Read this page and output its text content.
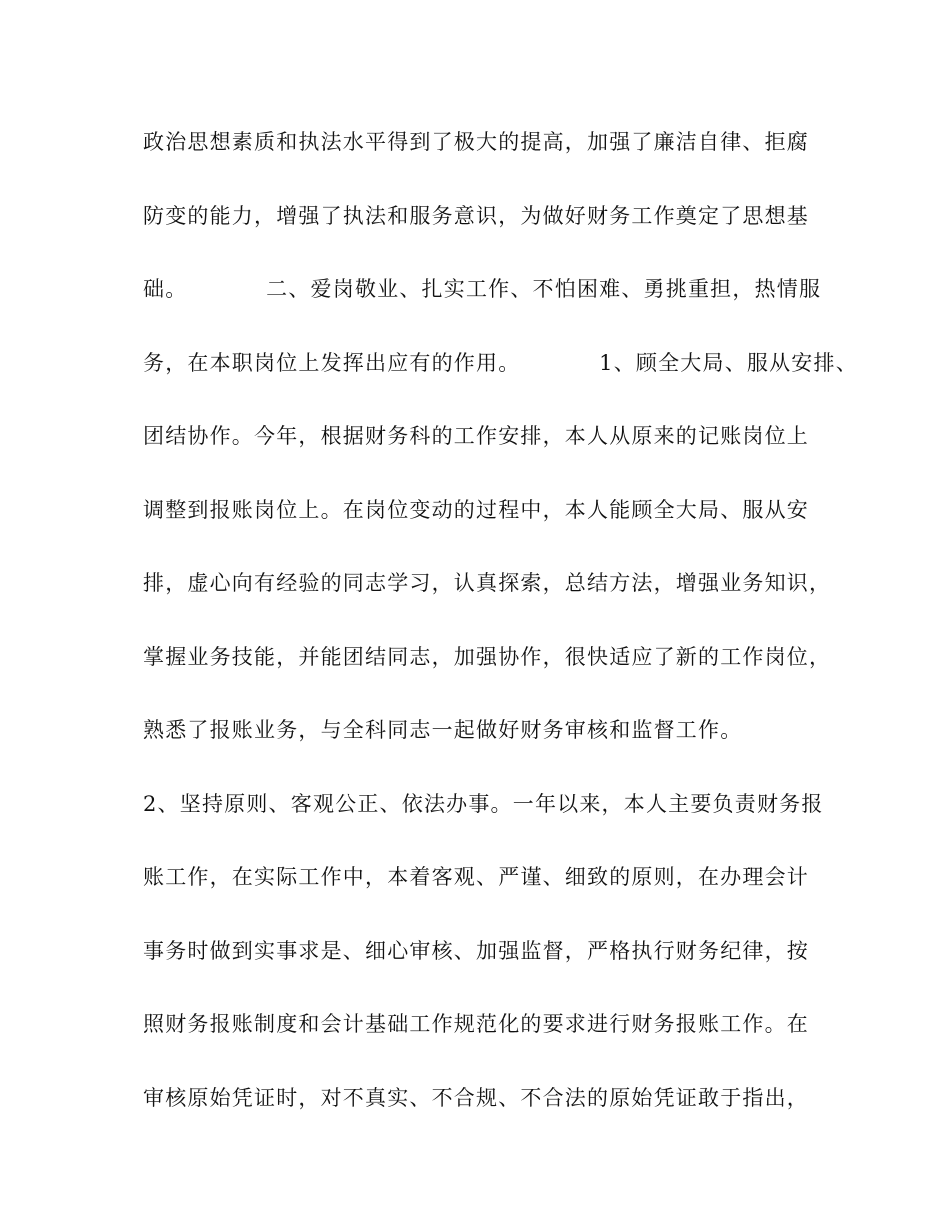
政治思想素质和执法水平得到了极大的提高，加强了廉洁自律、拒腐
防变的能力，增强了执法和服务意识，为做好财务工作奠定了思想基
础。          二、爱岗敬业、扎实工作、不怕困难、勇挑重担，热情服
务，在本职岗位上发挥出应有的作用。          1、顾全大局、服从安排、
团结协作。今年，根据财务科的工作安排，本人从原来的记账岗位上
调整到报账岗位上。在岗位变动的过程中，本人能顾全大局、服从安
排，虚心向有经验的同志学习，认真探索，总结方法，增强业务知识，
掌握业务技能，并能团结同志，加强协作，很快适应了新的工作岗位，
熟悉了报账业务，与全科同志一起做好财务审核和监督工作。
2、坚持原则、客观公正、依法办事。一年以来，本人主要负责财务报
账工作，在实际工作中，本着客观、严谨、细致的原则，在办理会计
事务时做到实事求是、细心审核、加强监督，严格执行财务纪律，按
照财务报账制度和会计基础工作规范化的要求进行财务报账工作。在
审核原始凭证时，对不真实、不合规、不合法的原始凭证敢于指出，
